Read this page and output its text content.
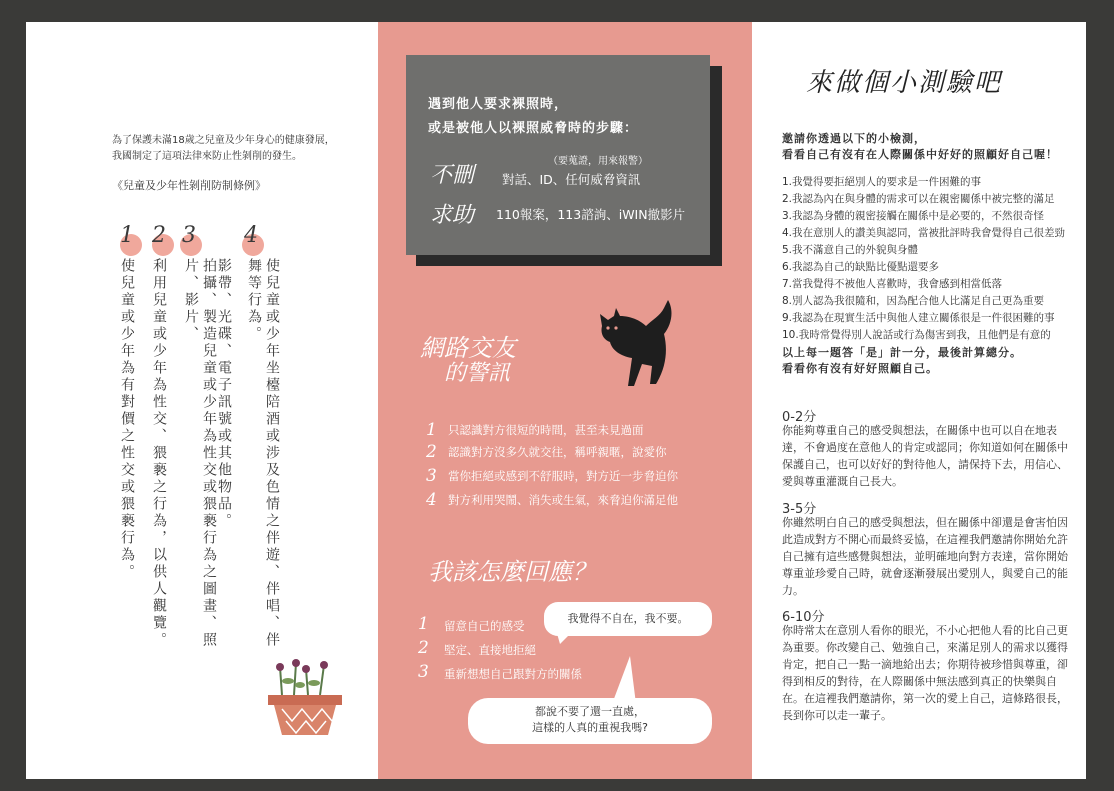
為了保護未滿18歲之兒童及少年身心的健康發展，
我國制定了這項法律來防止性剝削的發生。
《兒童及少年性剝削防制條例》
1 2 3 4
使兒童或少年坐檯陪酒或涉及色情之伴遊、伴唱、伴舞等行為。
影帶、光碟、電子訊號或其他物品。
拍攝、製造兒童或少年為性交或猥褻行為之圖畫、照片、影片、
利用兒童或少年為性交、猥褻之行為，以供人觀覽。
使兒童或少年為有對價之性交或猥褻行為。
遇到他人要求裸照時，
或是被他人以裸照威脅時的步驟：
（要蒐證，用來報警）
不刪 對話、ID、任何威脅資訊
求助 110報案，113諮詢、iWIN撤影片
網路交友
的警訊
1 只認識對方很短的時間，甚至未見過面
2 認識對方沒多久就交往，稱呼親暱，說愛你
3 當你拒絕或感到不舒服時，對方近一步脅迫你
4 對方利用哭鬧、消失或生氣，來脅迫你滿足他
我該怎麼回應？
1 留意自己的感受
2 堅定、直接地拒絕
3 重新想想自己跟對方的關係
我覺得不自在，我不要。
都說不要了還一直處，
這樣的人真的重視我嗎?
來做個小測驗吧
邀請你透過以下的小檢測，
看看自己有沒有在人際關係中好好的照顧好自己喔！
1.我覺得要拒絕別人的要求是一件困難的事
2.我認為內在與身體的需求可以在親密關係中被完整的滿足
3.我認為身體的親密接觸在關係中是必要的，不然很奇怪
4.我在意別人的讚美與認同，當被批評時我會覺得自己很差勁
5.我不滿意自己的外貌與身體
6.我認為自己的缺點比優點還要多
7.當我覺得不被他人喜歡時，我會感到相當低落
8.別人認為我很隨和，因為配合他人比滿足自己更為重要
9.我認為在現實生活中與他人建立關係很是一件很困難的事
10.我時常覺得別人說話或行為傷害到我，且他們是有意的
以上每一題答「是」計一分，最後計算總分。
看看你有沒有好好照顧自己。
0-2分
你能夠尊重自己的感受與想法，在關係中也可以自在地表達，不會過度在意他人的肯定或認同；你知道如何在關係中保護自己，也可以好好的對待他人，請保持下去，用信心、愛與尊重灌溉自己長大。
3-5分
你雖然明白自己的感受與想法，但在關係中卻還是會害怕因此造成對方不開心而最終妥協，在這裡我們邀請你開始允許自己擁有這些感覺與想法，並明確地向對方表達，當你開始尊重並珍愛自己時，就會逐漸發展出愛別人，與愛自己的能力。
6-10分
你時常太在意別人看你的眼光，不小心把他人看的比自己更為重要。你改變自己、勉強自己，來滿足別人的需求以獲得肯定，把自己一點一滴地給出去；你期待被珍惜與尊重，卻得到相反的對待，在人際關係中無法感到真正的快樂與自在。在這裡我們邀請你，第一次的愛上自己，這條路很長，長到你可以走一輩子。
